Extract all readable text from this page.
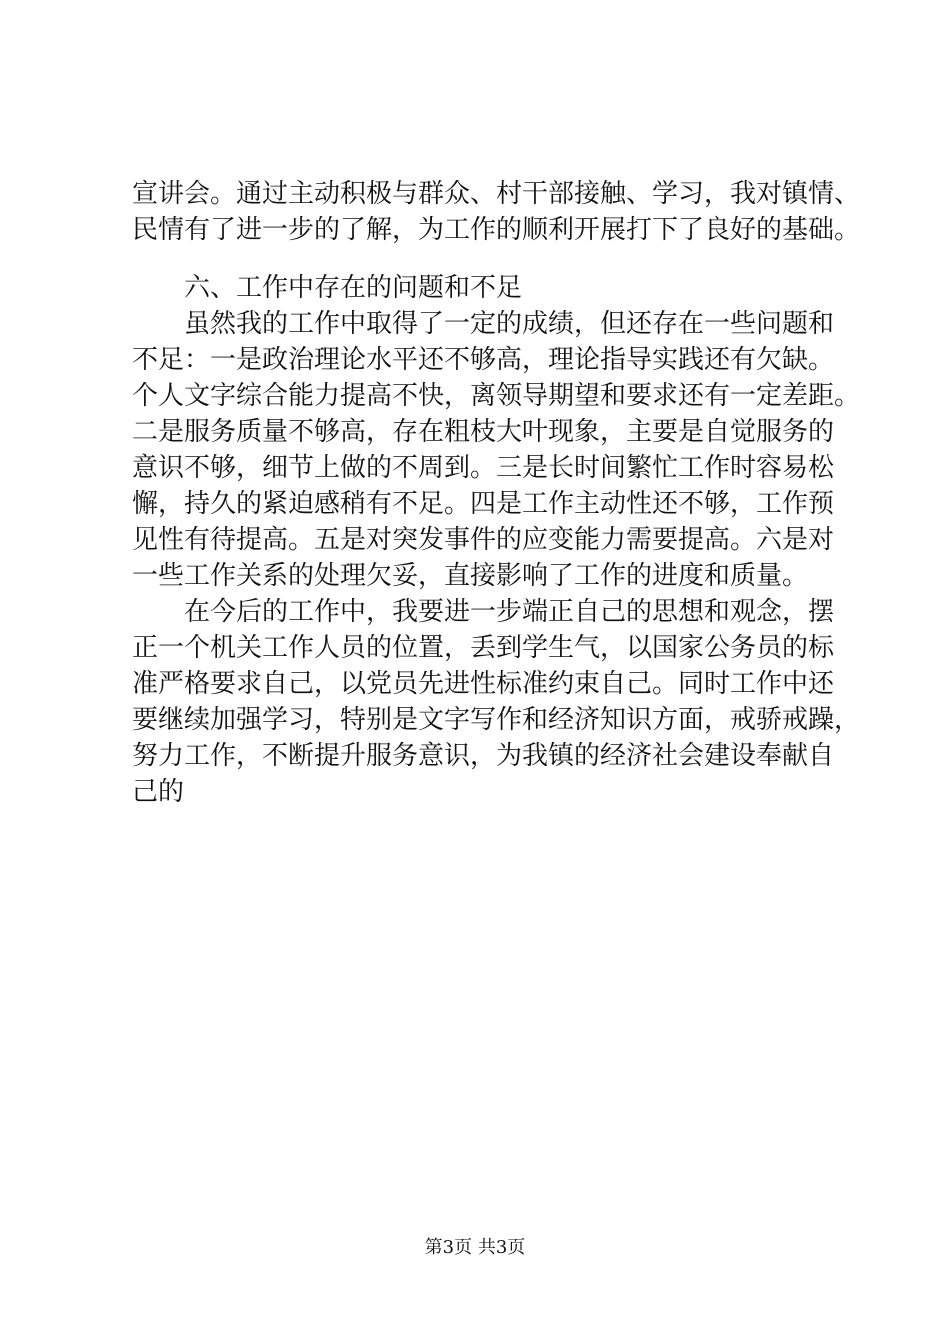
宣讲会。通过主动积极与群众、村干部接触、学习，我对镇情、
民情有了进一步的了解，为工作的顺利开展打下了良好的基础。
六、工作中存在的问题和不足
虽然我的工作中取得了一定的成绩，但还存在一些问题和
不足：一是政治理论水平还不够高，理论指导实践还有欠缺。
个人文字综合能力提高不快，离领导期望和要求还有一定差距。
二是服务质量不够高，存在粗枝大叶现象，主要是自觉服务的
意识不够，细节上做的不周到。三是长时间繁忙工作时容易松
懈，持久的紧迫感稍有不足。四是工作主动性还不够，工作预
见性有待提高。五是对突发事件的应变能力需要提高。六是对
一些工作关系的处理欠妥，直接影响了工作的进度和质量。
在今后的工作中，我要进一步端正自己的思想和观念，摆
正一个机关工作人员的位置，丢到学生气，以国家公务员的标
准严格要求自己，以党员先进性标准约束自己。同时工作中还
要继续加强学习，特别是文字写作和经济知识方面，戒骄戒躁，
努力工作，不断提升服务意识，为我镇的经济社会建设奉献自
己的
第3页 共3页
